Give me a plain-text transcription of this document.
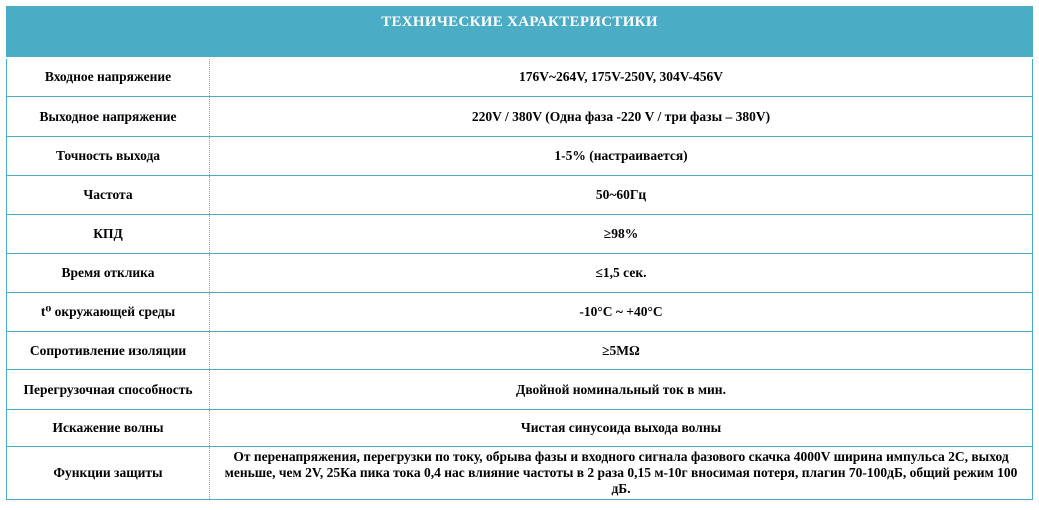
ТЕХНИЧЕСКИЕ ХАРАКТЕРИСТИКИ	
Входное напряжение	176V~264V, 175V-250V, 304V-456V
Выходное напряжение	220V / 380V (Одна фаза -220 V / три фазы – 380V)
Точность выхода	1-5% (настраивается)
Частота	50~60Гц
КПД	≥98%
Время отклика	≤1,5 сек.
t⁰ окружающей среды	-10°C ~ +40°C
Сопротивление изоляции	≥5MΩ
Перегрузочная способность	Двойной номинальный ток в мин.
Искажение волны	Чистая синусоида выхода волны
Функции защиты	От перенапряжения, перегрузки по току, обрыва фазы и входного сигнала фазового скачка 4000V ширина импульса 2С, выход меньше, чем 2V, 25Ка пика тока 0,4 нас влияние частоты в 2 раза 0,15 м-10г вносимая потеря, плагин 70-100дБ, общий режим 100 дБ.
